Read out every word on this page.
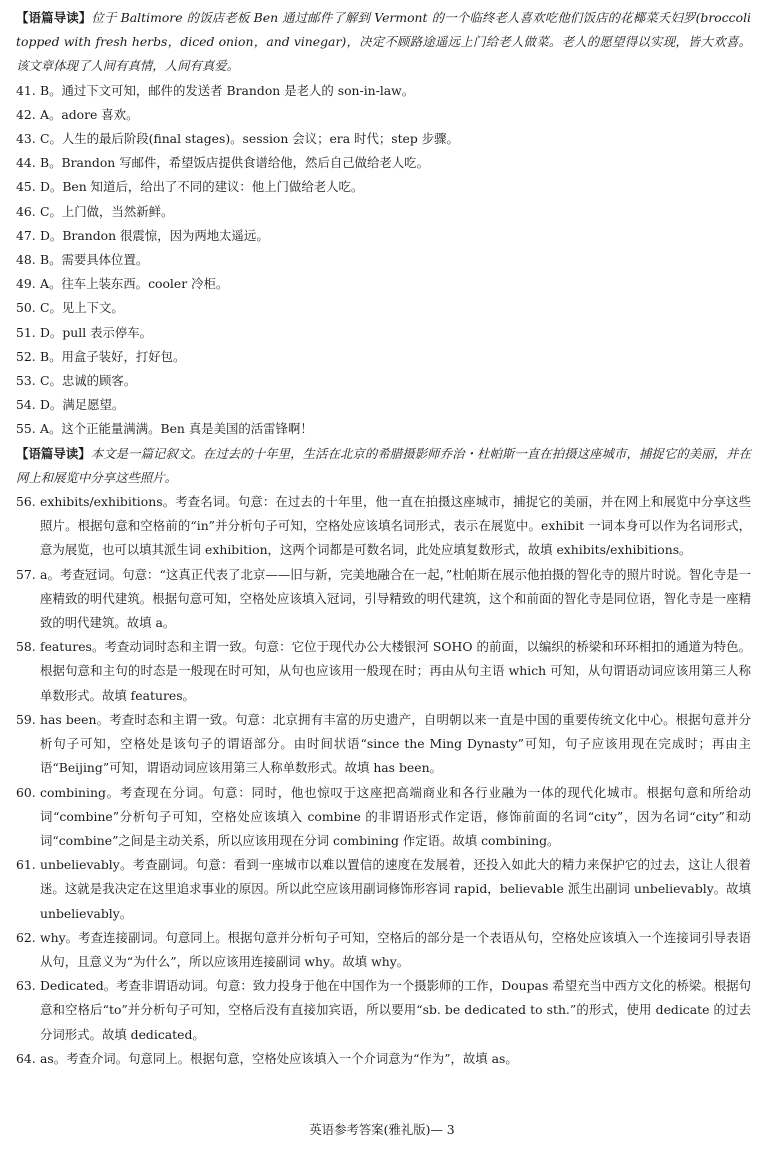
【语篇导读】位于 Baltimore 的饭店老板 Ben 通过邮件了解到 Vermont 的一个临终老人喜欢吃他们饭店的花椰菜夭妇罗(broccoli topped with fresh herbs，diced onion，and vinegar)，决定不顾路途遥远上门给老人做菜。老人的愿望得以实现，皆大欢喜。该文章体现了人间有真情，人间有真爱。
41. B。通过下文可知，邮件的发送者 Brandon 是老人的 son-in-law。
42. A。adore 喜欢。
43. C。人生的最后阶段(final stages)。session 会议；era 时代；step 步骤。
44. B。Brandon 写邮件，希望饭店提供食谱给他，然后自己做给老人吃。
45. D。Ben 知道后，给出了不同的建议：他上门做给老人吃。
46. C。上门做，当然新鲜。
47. D。Brandon 很震惊，因为两地太遥远。
48. B。需要具体位置。
49. A。往车上装东西。cooler 冷柜。
50. C。见上下文。
51. D。pull 表示停车。
52. B。用盒子装好，打好包。
53. C。忠诚的顾客。
54. D。满足愿望。
55. A。这个正能量满满。Ben 真是美国的活雷锋啊！
【语篇导读】本文是一篇记叙文。在过去的十年里，生活在北京的希腊摄影师乔治・杜帕斯一直在拍摄这座城市，捕捉它的美丽，并在网上和展览中分享这些照片。
56. exhibits/exhibitions。考查名词。句意：在过去的十年里，他一直在拍摄这座城市，捕捉它的美丽，并在网上和展览中分享这些照片。根据句意和空格前的“in”并分析句子可知，空格处应该填名词形式，表示在展览中。exhibit 一词本身可以作为名词形式，意为展览，也可以填其派生词 exhibition，这两个词都是可数名词，此处应填复数形式，故填 exhibits/exhibitions。
57. a。考查冠词。句意：“这真正代表了北京——旧与新，完美地融合在一起，”杜帕斯在展示他拍摄的智化寺的照片时说。智化寺是一座精致的明代建筑。根据句意可知，空格处应该填入冠词，引导精致的明代建筑，这个和前面的智化寺是同位语，智化寺是一座精致的明代建筑。故填 a。
58. features。考查动词时态和主谓一致。句意：它位于现代办公大楼银河 SOHO 的前面，以编织的桥梁和环环相扣的通道为特色。根据句意和主句的时态是一般现在时可知，从句也应该用一般现在时；再由从句主语 which 可知，从句谓语动词应该用第三人称单数形式。故填 features。
59. has been。考查时态和主谓一致。句意：北京拥有丰富的历史遗产，自明朝以来一直是中国的重要传统文化中心。根据句意并分析句子可知，空格处是该句子的谓语部分。由时间状语“since the Ming Dynasty”可知，句子应该用现在完成时；再由主语“Beijing”可知，谓语动词应该用第三人称单数形式。故填 has been。
60. combining。考查现在分词。句意：同时，他也惊叹于这座把高端商业和各行业融为一体的现代化城市。根据句意和所给动词“combine”分析句子可知，空格处应该填入 combine 的非谓语形式作定语，修饰前面的名词“city”，因为名词“city”和动词“combine”之间是主动关系，所以应该用现在分词 combining 作定语。故填 combining。
61. unbelievably。考查副词。句意：看到一座城市以难以置信的速度在发展着，还投入如此大的精力来保护它的过去，这让人很着迷。这就是我决定在这里追求事业的原因。所以此空应该用副词修饰形容词 rapid，believable 派生出副词 unbelievably。故填 unbelievably。
62. why。考查连接副词。句意同上。根据句意并分析句子可知，空格后的部分是一个表语从句，空格处应该填入一个连接词引导表语从句，且意义为“为什么”，所以应该用连接副词 why。故填 why。
63. Dedicated。考查非谓语动词。句意：致力投身于他在中国作为一个摄影师的工作，Doupas 希望充当中西方文化的桥梁。根据句意和空格后“to”并分析句子可知，空格后没有直接加宾语，所以要用“sb. be dedicated to sth.”的形式，使用 dedicate 的过去分词形式。故填 dedicated。
64. as。考查介词。句意同上。根据句意，空格处应该填入一个介词意为“作为”，故填 as。
英语参考答案(雅礼版)— 3
